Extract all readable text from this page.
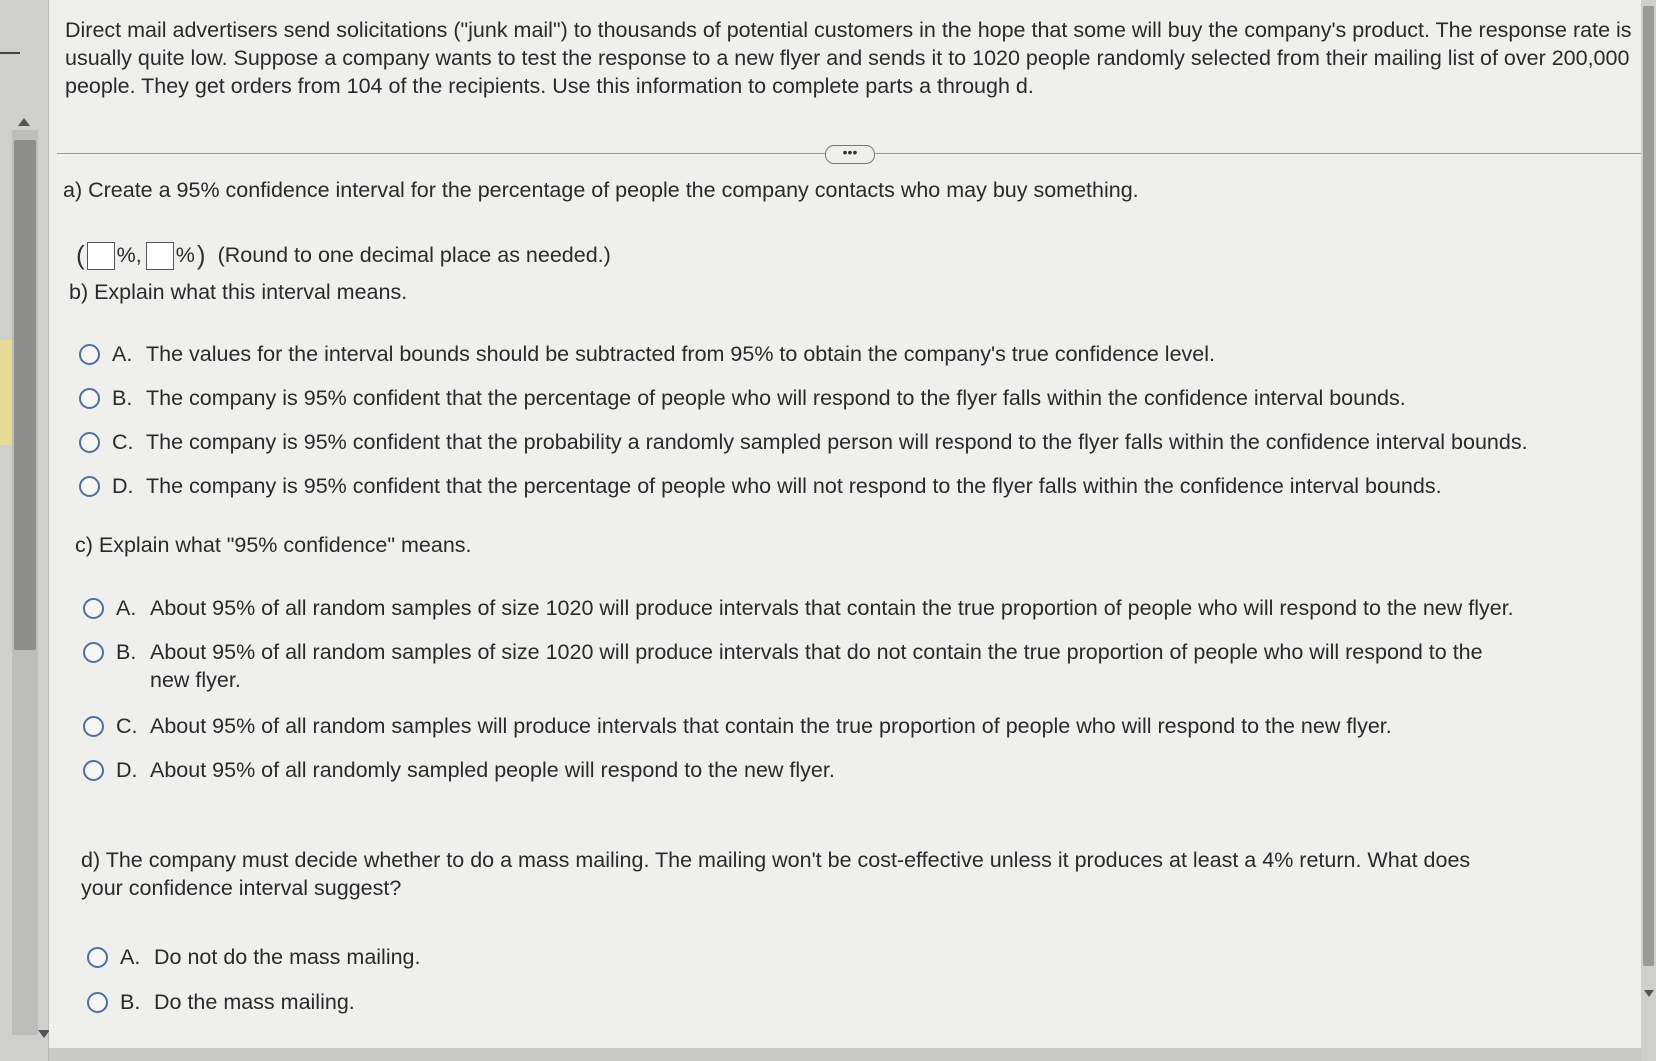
Direct mail advertisers send solicitations ("junk mail") to thousands of potential customers in the hope that some will buy the company's product. The response rate is usually quite low. Suppose a company wants to test the response to a new flyer and sends it to 1020 people randomly selected from their mailing list of over 200,000 people. They get orders from 104 of the recipients. Use this information to complete parts a through d.
•••
a) Create a 95% confidence interval for the percentage of people the company contacts who may buy something.
( %, % ) (Round to one decimal place as needed.)
b) Explain what this interval means.
A. The values for the interval bounds should be subtracted from 95% to obtain the company's true confidence level.
B. The company is 95% confident that the percentage of people who will respond to the flyer falls within the confidence interval bounds.
C. The company is 95% confident that the probability a randomly sampled person will respond to the flyer falls within the confidence interval bounds.
D. The company is 95% confident that the percentage of people who will not respond to the flyer falls within the confidence interval bounds.
c) Explain what "95% confidence" means.
A. About 95% of all random samples of size 1020 will produce intervals that contain the true proportion of people who will respond to the new flyer.
B. About 95% of all random samples of size 1020 will produce intervals that do not contain the true proportion of people who will respond to the new flyer.
C. About 95% of all random samples will produce intervals that contain the true proportion of people who will respond to the new flyer.
D. About 95% of all randomly sampled people will respond to the new flyer.
d) The company must decide whether to do a mass mailing. The mailing won't be cost-effective unless it produces at least a 4% return. What does your confidence interval suggest?
A. Do not do the mass mailing.
B. Do the mass mailing.
